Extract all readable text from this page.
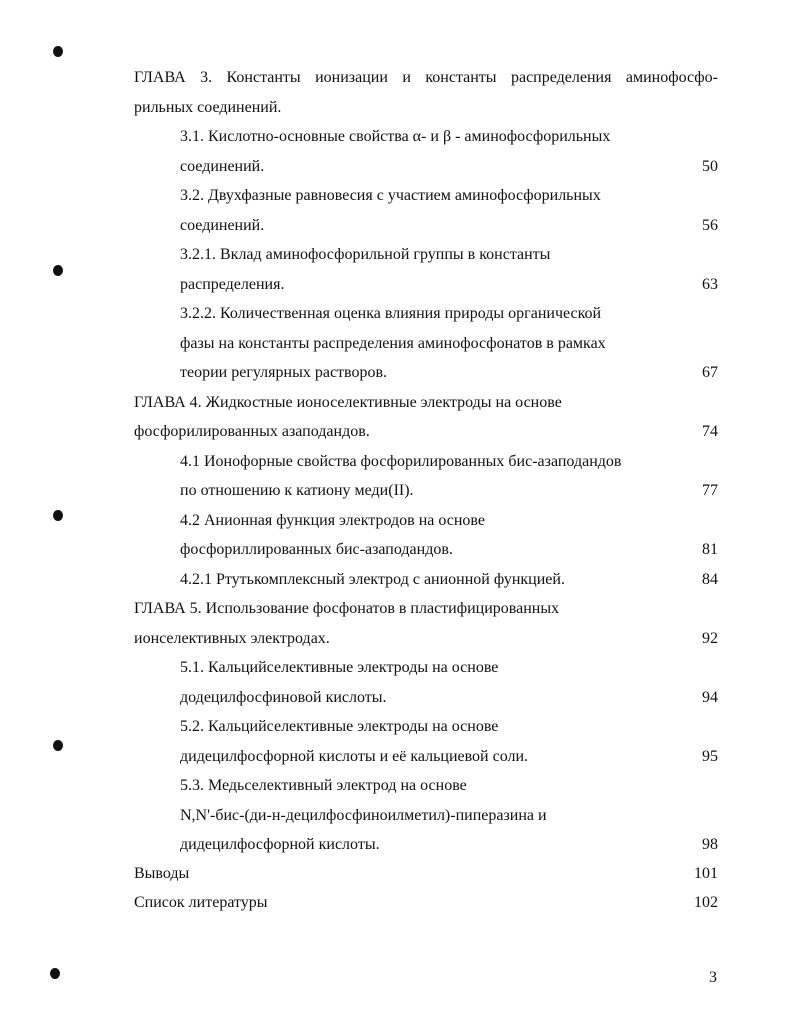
ГЛАВА 3. Константы ионизации и константы распределения аминофосфо-
рильных соединений.
3.1. Кислотно-основные свойства α- и β - аминофосфорильных
соединений.	50
3.2. Двухфазные равновесия с участием аминофосфорильных
соединений.	56
3.2.1. Вклад аминофосфорильной группы в константы
распределения.	63
3.2.2. Количественная оценка влияния природы органической
фазы на константы распределения аминофосфонатов в рамках
теории регулярных растворов.	67
ГЛАВА 4. Жидкостные ионоселективные электроды на основе
фосфорилированных азаподандов.	74
4.1 Ионофорные свойства фосфорилированных бис-азаподандов
по отношению к катиону меди(II).	77
4.2 Анионная функция электродов на основе
фосфориллированных бис-азаподандов.	81
4.2.1 Ртутькомплексный электрод с анионной функцией.	84
ГЛАВА 5. Использование фосфонатов в пластифицированных
ионселективных электродах.	92
5.1. Кальцийселективные электроды на основе
додецилфосфиновой кислоты.	94
5.2. Кальцийселективные электроды на основе
дидецилфосфорной кислоты и её кальциевой соли.	95
5.3. Медьселективный электрод на основе
N,N'-бис-(ди-н-децилфосфиноилметил)-пиперазина и
дидецилфосфорной кислоты.	98
Выводы	101
Список литературы	102
3
